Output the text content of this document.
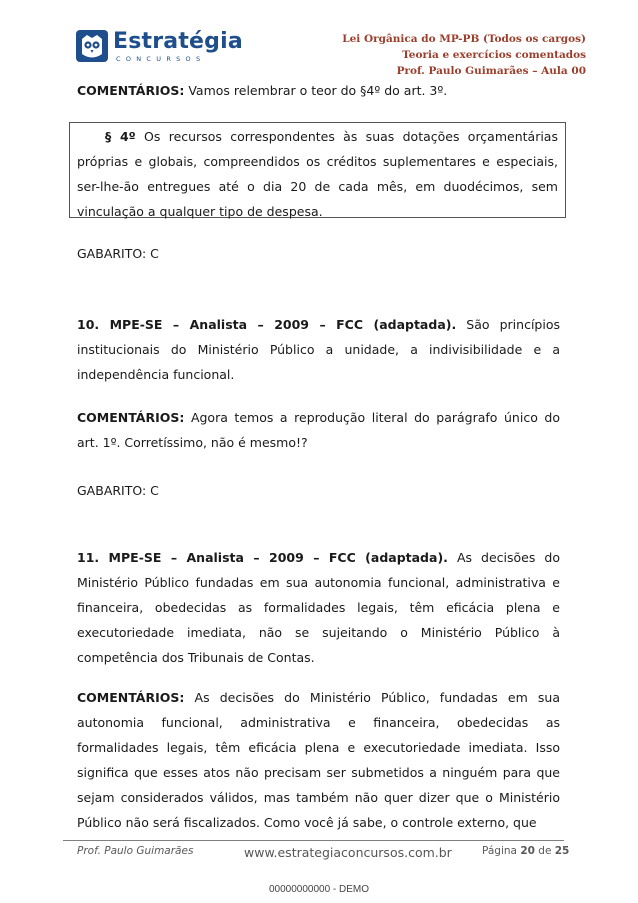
Estratégia
CONCURSOS
Lei Orgânica do MP-PB (Todos os cargos)
Teoria e exercícios comentados
Prof. Paulo Guimarães – Aula 00
COMENTÁRIOS: Vamos relembrar o teor do §4º do art. 3º.
§ 4º Os recursos correspondentes às suas dotações orçamentárias próprias e globais, compreendidos os créditos suplementares e especiais, ser-lhe-ão entregues até o dia 20 de cada mês, em duodécimos, sem vinculação a qualquer tipo de despesa.
GABARITO: C
10. MPE-SE – Analista – 2009 – FCC (adaptada). São princípios institucionais do Ministério Público a unidade, a indivisibilidade e a independência funcional.
COMENTÁRIOS: Agora temos a reprodução literal do parágrafo único do art. 1º. Corretíssimo, não é mesmo!?
GABARITO: C
11. MPE-SE – Analista – 2009 – FCC (adaptada). As decisões do Ministério Público fundadas em sua autonomia funcional, administrativa e financeira, obedecidas as formalidades legais, têm eficácia plena e executoriedade imediata, não se sujeitando o Ministério Público à competência dos Tribunais de Contas.
COMENTÁRIOS: As decisões do Ministério Público, fundadas em sua autonomia funcional, administrativa e financeira, obedecidas as formalidades legais, têm eficácia plena e executoriedade imediata. Isso significa que esses atos não precisam ser submetidos a ninguém para que sejam considerados válidos, mas também não quer dizer que o Ministério Público não será fiscalizados. Como você já sabe, o controle externo, que
Prof. Paulo Guimarães	www.estrategiaconcursos.com.br	Página 20 de 25
00000000000 - DEMO
